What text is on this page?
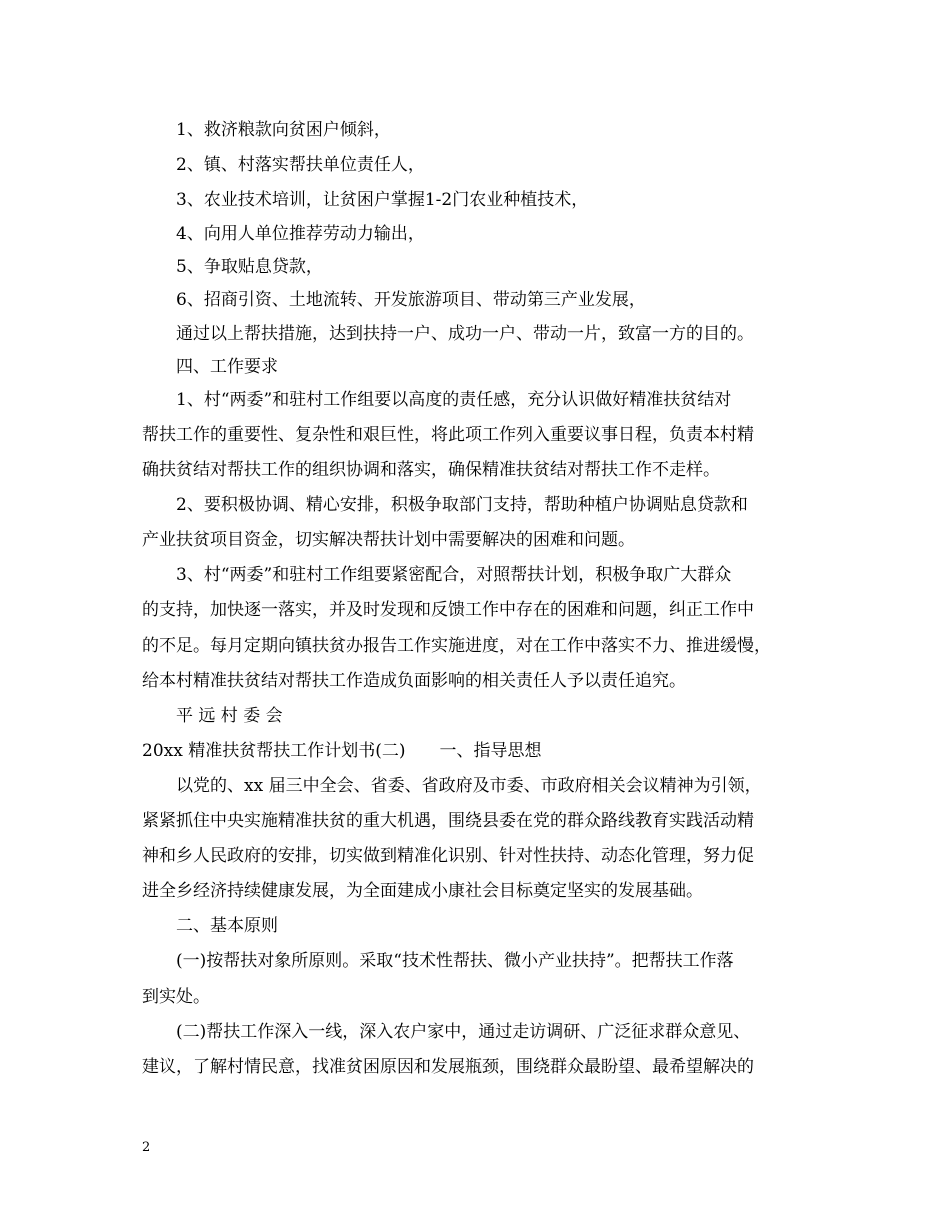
1、救济粮款向贫困户倾斜，
2、镇、村落实帮扶单位责任人，
3、农业技术培训，让贫困户掌握1-2门农业种植技术，
4、向用人单位推荐劳动力输出，
5、争取贴息贷款，
6、招商引资、土地流转、开发旅游项目、带动第三产业发展，
通过以上帮扶措施，达到扶持一户、成功一户、带动一片，致富一方的目的。
四、工作要求
1、村“两委”和驻村工作组要以高度的责任感，充分认识做好精准扶贫结对
帮扶工作的重要性、复杂性和艰巨性，将此项工作列入重要议事日程，负责本村精
确扶贫结对帮扶工作的组织协调和落实，确保精准扶贫结对帮扶工作不走样。
2、要积极协调、精心安排，积极争取部门支持，帮助种植户协调贴息贷款和
产业扶贫项目资金，切实解决帮扶计划中需要解决的困难和问题。
3、村“两委”和驻村工作组要紧密配合，对照帮扶计划，积极争取广大群众
的支持，加快逐一落实，并及时发现和反馈工作中存在的困难和问题，纠正工作中
的不足。每月定期向镇扶贫办报告工作实施进度，对在工作中落实不力、推进缓慢，
给本村精准扶贫结对帮扶工作造成负面影响的相关责任人予以责任追究。
平 远 村 委 会
20xx 精准扶贫帮扶工作计划书(二)　　一、指导思想
以党的、xx 届三中全会、省委、省政府及市委、市政府相关会议精神为引领，
紧紧抓住中央实施精准扶贫的重大机遇，围绕县委在党的群众路线教育实践活动精
神和乡人民政府的安排，切实做到精准化识别、针对性扶持、动态化管理，努力促
进全乡经济持续健康发展，为全面建成小康社会目标奠定坚实的发展基础。
二、基本原则
(一)按帮扶对象所原则。采取“技术性帮扶、微小产业扶持”。把帮扶工作落
到实处。
(二)帮扶工作深入一线，深入农户家中，通过走访调研、广泛征求群众意见、
建议，了解村情民意，找准贫困原因和发展瓶颈，围绕群众最盼望、最希望解决的
2
